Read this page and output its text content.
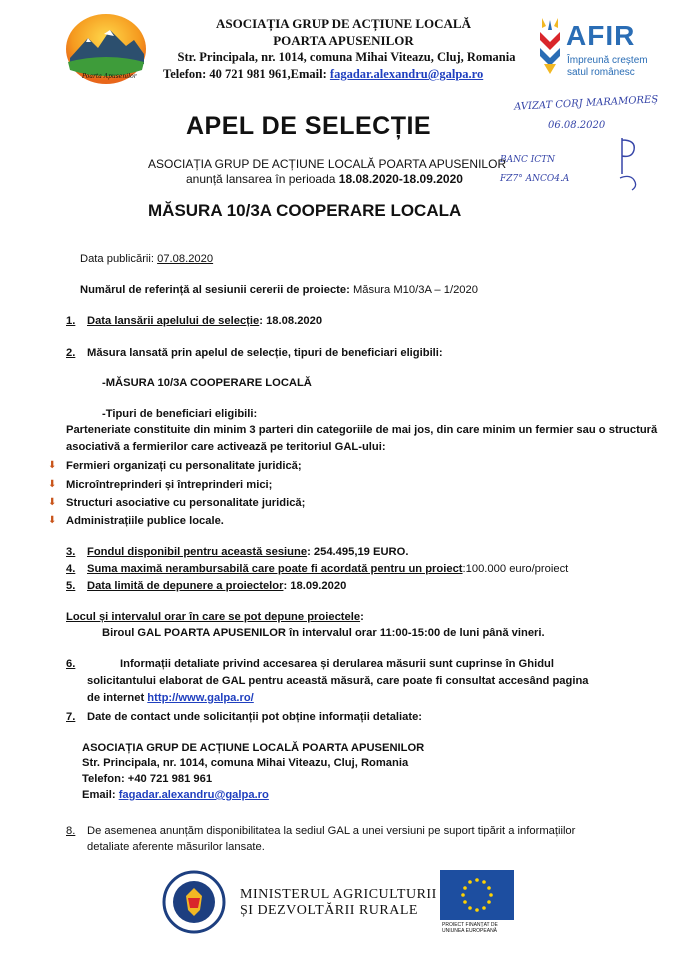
Poarta Apusenilor
ASOCIAȚIA GRUP DE ACȚIUNE LOCALĂ
POARTA APUSENILOR
Str. Principala, nr. 1014, comuna Mihai Viteazu, Cluj, Romania
Telefon: 40 721 981 961,Email: fagadar.alexandru@galpa.ro
AFIR
Împreună creștem
satul românesc
AVIZAT CORJ MARAMOREȘ
06.08.2020
BANC ICTN
FZ7° ANCO4.A
APEL DE SELECȚIE
ASOCIAȚIA GRUP DE ACȚIUNE LOCALĂ POARTA APUSENILOR
anunță lansarea în perioada 18.08.2020-18.09.2020
MĂSURA 10/3A COOPERARE LOCALA
Data publicării: 07.08.2020
Numărul de referință al sesiunii cererii de proiecte: Măsura M10/3A – 1/2020
1. Data lansării apelului de selecție: 18.08.2020
2. Măsura lansată prin apelul de selecție, tipuri de beneficiari eligibili:
-MĂSURA 10/3A COOPERARE LOCALĂ
-Tipuri de beneficiari eligibili:
Parteneriate constituite din minim 3 parteri din categoriile de mai jos, din care minim un fermier sau o structură
asociativă a fermierilor care activează pe teritoriul GAL-ului:
⬇ Fermieri organizați cu personalitate juridică;
⬇ Microîntreprinderi și întreprinderi mici;
⬇ Structuri asociative cu personalitate juridică;
⬇ Administrațiile publice locale.
3. Fondul disponibil pentru această sesiune: 254.495,19 EURO.
4. Suma maximă nerambursabilă care poate fi acordată pentru un proiect:100.000 euro/proiect
5. Data limită de depunere a proiectelor: 18.09.2020
Locul și intervalul orar în care se pot depune proiectele:
Biroul GAL POARTA APUSENILOR în intervalul orar 11:00-15:00 de luni până vineri.
6.	Informații detaliate privind accesarea și derularea măsurii sunt cuprinse în Ghidul
solicitantului elaborat de GAL pentru această măsură, care poate fi consultat accesând pagina
de internet http://www.galpa.ro/
7. Date de contact unde solicitanții pot obține informații detaliate:
ASOCIAȚIA GRUP DE ACȚIUNE LOCALĂ POARTA APUSENILOR
Str. Principala, nr. 1014, comuna Mihai Viteazu, Cluj, Romania
Telefon: +40 721 981 961
Email: fagadar.alexandru@galpa.ro
8. De asemenea anunțăm disponibilitatea la sediul GAL a unei versiuni pe suport tipărit a informațiilor
detaliate aferente măsurilor lansate.
MINISTERUL AGRICULTURII
ȘI DEZVOLTĂRII RURALE
PROIECT FINANȚAT DE
UNIUNEA EUROPEANĂ
